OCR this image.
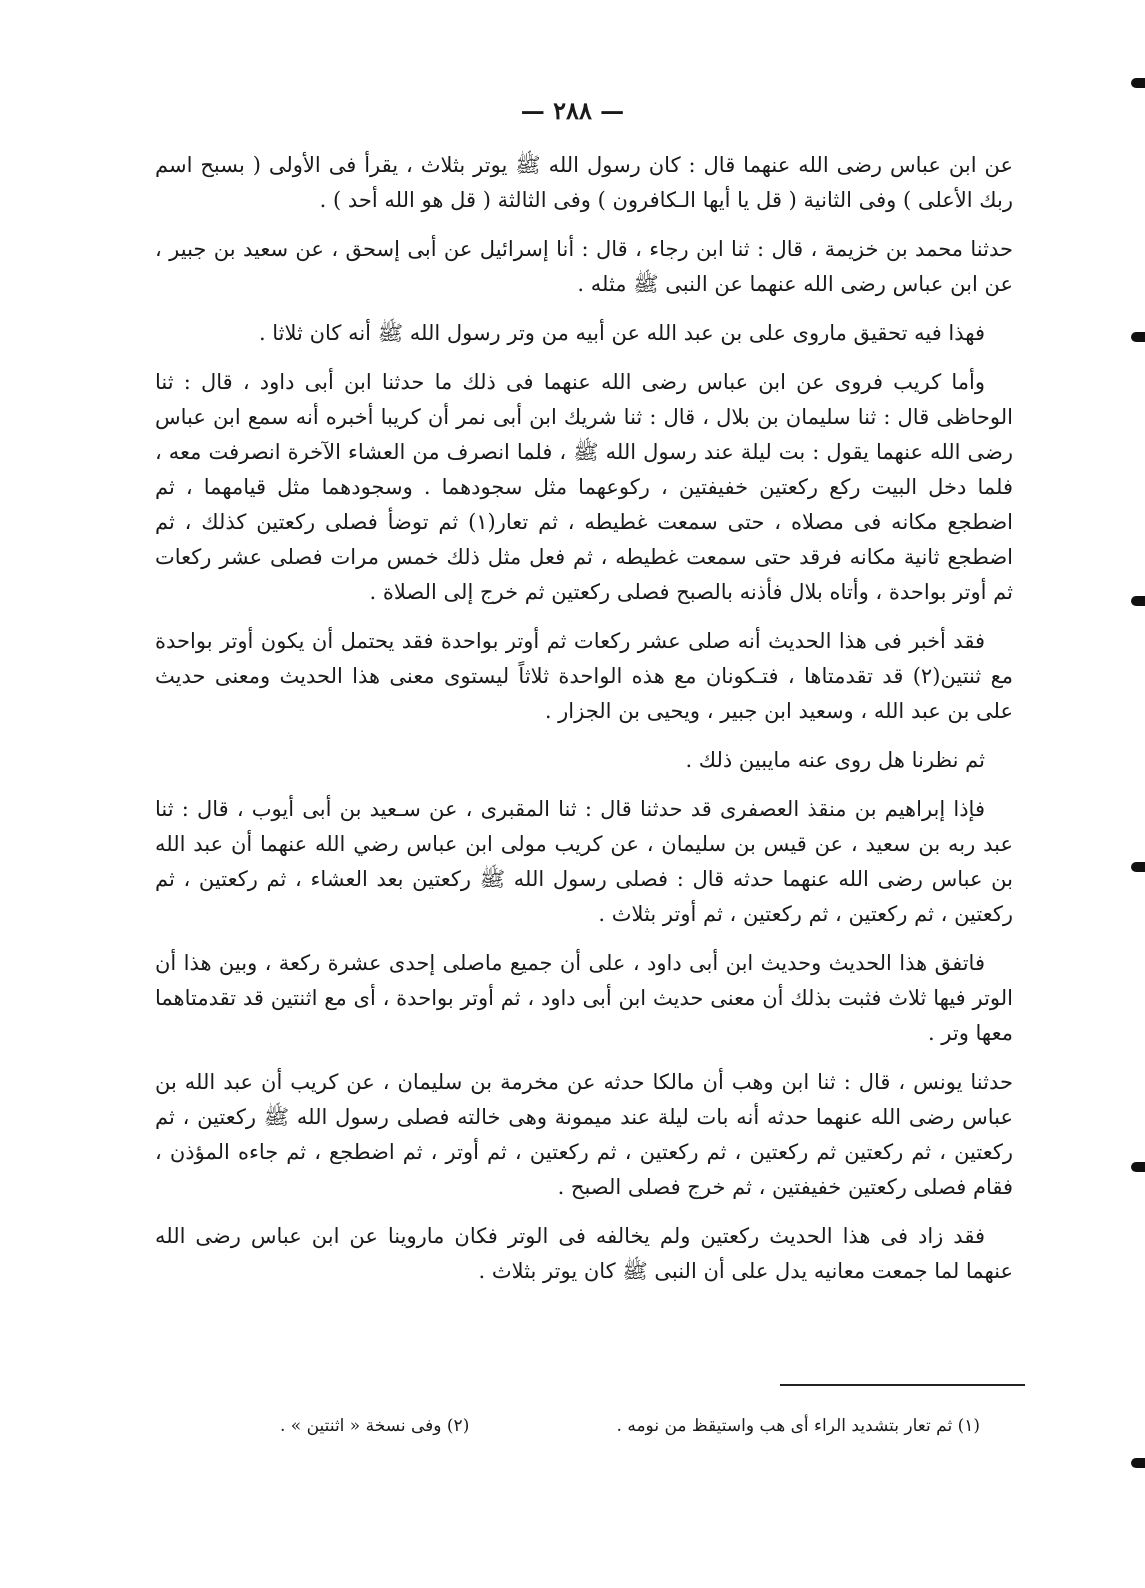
— ٢٨٨ —

عن ابن عباس رضى الله عنهما قال : كان رسول الله ﷺ يوتر بثلاث ، يقرأ فى الأولى ( بسبح اسم ربك الأعلى ) وفى الثانية ( قل يا أيها الـكافرون ) وفى الثالثة ( قل هو الله أحد ) .

حدثنا محمد بن خزيمة ، قال : ثنا ابن رجاء ، قال : أنا إسرائيل عن أبى إسحق ، عن سعيد بن جبير ، عن ابن عباس رضى الله عنهما عن النبى ﷺ مثله .

فهذا فيه تحقيق ماروى على بن عبد الله عن أبيه من وتر رسول الله ﷺ أنه كان ثلاثا .

وأما كريب فروى عن ابن عباس رضى الله عنهما فى ذلك ما حدثنا ابن أبى داود ، قال : ثنا الوحاظى قال : ثنا سليمان بن بلال ، قال : ثنا شريك ابن أبى نمر أن كريبا أخبره أنه سمع ابن عباس رضى الله عنهما يقول : بت ليلة عند رسول الله ﷺ ، فلما انصرف من العشاء الآخرة انصرفت معه ، فلما دخل البيت ركع ركعتين خفيفتين ، ركوعهما مثل سجودهما . وسجودهما مثل قيامهما ، ثم اضطجع مكانه فى مصلاه ، حتى سمعت غطيطه ، ثم تعار(١) ثم توضأ فصلى ركعتين كذلك ، ثم اضطجع ثانية مكانه فرقد حتى سمعت غطيطه ، ثم فعل مثل ذلك خمس مرات فصلى عشر ركعات ثم أوتر بواحدة ، وأتاه بلال فأذنه بالصبح فصلى ركعتين ثم خرج إلى الصلاة .

فقد أخبر فى هذا الحديث أنه صلى عشر ركعات ثم أوتر بواحدة فقد يحتمل أن يكون أوتر بواحدة مع ثنتين(٢) قد تقدمتاها ، فتـكونان مع هذه الواحدة ثلاثاً ليستوى معنى هذا الحديث ومعنى حديث على بن عبد الله ، وسعيد ابن جبير ، ويحيى بن الجزار .

ثم نظرنا هل روى عنه مايبين ذلك .

فإذا إبراهيم بن منقذ العصفرى قد حدثنا قال : ثنا المقبرى ، عن سـعيد بن أبى أيوب ، قال : ثنا عبد ربه بن سعيد ، عن قيس بن سليمان ، عن كريب مولى ابن عباس رضي الله عنهما أن عبد الله بن عباس رضى الله عنهما حدثه قال : فصلى رسول الله ﷺ ركعتين بعد العشاء ، ثم ركعتين ، ثم ركعتين ، ثم ركعتين ، ثم ركعتين ، ثم أوتر بثلاث .

فاتفق هذا الحديث وحديث ابن أبى داود ، على أن جميع ماصلى إحدى عشرة ركعة ، وبين هذا أن الوتر فيها ثلاث فثبت بذلك أن معنى حديث ابن أبى داود ، ثم أوتر بواحدة ، أى مع اثنتين قد تقدمتاهما معها وتر .

حدثنا يونس ، قال : ثنا ابن وهب أن مالكا حدثه عن مخرمة بن سليمان ، عن كريب أن عبد الله بن عباس رضى الله عنهما حدثه أنه بات ليلة عند ميمونة وهى خالته فصلى رسول الله ﷺ ركعتين ، ثم ركعتين ، ثم ركعتين ثم ركعتين ، ثم ركعتين ، ثم ركعتين ، ثم أوتر ، ثم اضطجع ، ثم جاءه المؤذن ، فقام فصلى ركعتين خفيفتين ، ثم خرج فصلى الصبح .

فقد زاد فى هذا الحديث ركعتين ولم يخالفه فى الوتر فكان ماروينا عن ابن عباس رضى الله عنهما لما جمعت معانيه يدل على أن النبى ﷺ كان يوتر بثلاث .

(١) ثم تعار بتشديد الراء أى هب واستيقظ من نومه .
(٢) وفى نسخة « اثنتين » .
